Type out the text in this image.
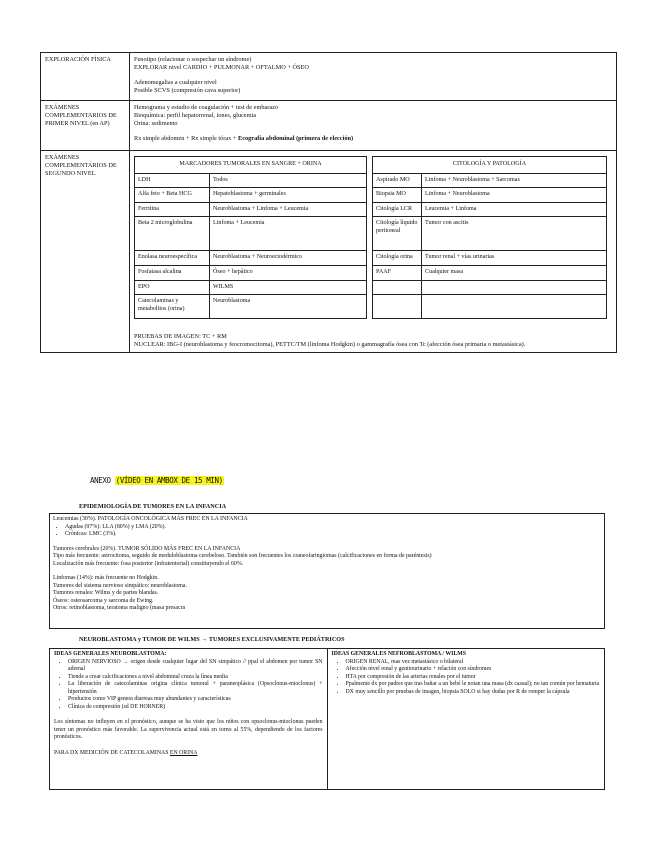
EXPLORACIÓN FÍSICA	Fenotipo (relacionar o sospechar un síndrome)
EXPLORAR nivel CARDIO + PULMONAR + OFTALMO + ÓSEO
Adenomegalias a cualquier nivel
Posible SCVS (compresión cava superior)

EXÁMENES COMPLEMENTARIOS DE PRIMER NIVEL (en AP)	
Hemograma y estudio de coagulación + test de embarazo
Bioquímica: perfil hepatorrenal, iones, glucemia
Orina: sedimento
Rx simple abdomen + Rx simple tórax + Ecografía abdominal (primera de elección)

EXÁMENES COMPLEMENTARIOS DE SEGUNDO NIVEL	
MARCADORES TUMORALES EN SANGRE + ORINA		CITOLOGÍA Y PATOLOGÍA
LDH	Todos		Aspirado MO	Linfoma + Neuroblastoma + Sarcomas
Alfa feto + Beta HCG	Hepatoblastoma + germinales		Biopsia MO	Linfoma + Neuroblastoma
Ferritina	Neuroblastoma + Linfoma + Leucemia		Citología LCR	Leucemia + Linfoma
Beta 2 microglobulina	Linfoma + Leucemia		Citología líquido peritoneal	Tumor con ascitis
Enolasa neuroespecífica	Neuroblastoma + Neuroectodérmico		Citología orina	Tumor renal + vías urinarias
Fosfatasa alcalina	Óseo + hepático		PAAF	Cualquier masa
EPO	WILMS			
Catecolaminas y metabolitos (orina)	Neuroblastoma			
PRUEBAS DE IMAGEN: TC + RM
NUCLEAR: IBG-I (neuroblastoma y feocromocitoma), PETTC/TM (linfoma Hodgkin) o gammagrafía ósea con Tc (afección ósea primaria o metastásica).
ANEXO (VÍDEO EN AMBOX DE 15 MIN)
EPIDEMIOLOGÍA DE TUMORES EN LA INFANCIA

Leucemias (30%). PATOLOGÍA ONCOLÓGICA MÁS FREC EN LA INFANCIA

• Agudas (97%): LLA (80%) y LMA (20%).
• Crónicas: LMC (3%).

Tumores cerebrales (20%). TUMOR SÓLIDO MÁS FREC EN LA INFANCIA

Tipo más frecuente: astrocitoma, seguido de meduloblastoma cerebeloso. También son frecuentes los craneofaringiomas (calcificaciones en forma de paréntesis)

Localización más frecuente: fosa posterior (infratentorial) constituyendo el 60%.

Linfomas (14%): más frecuente no Hodgkin.

Tumores del sistema nervioso simpático: neuroblastoma.

Tumores renales: Wilms y de partes blandas.

Óseos: osteosarcoma y sarcoma de Ewing.

Otros: retinoblastoma, teratoma maligno (masa presacra

NEUROBLASTOMA y TUMOR DE WILMS → TUMORES EXCLUSIVAMENTE PEDIÁTRICOS
IDEAS GENERALES NEUROBLASTOMA:
• ORIGEN NERVIOSO → origen desde cualquier lugar del SN simpático // ppal el abdomen por tumor SN adrenal
• Tiende a crear calcificaciones a nivel abdominal cruza la línea media
• La liberación de catecolaminas origina clínica tumoral + paraneoplásica (Opsoclonus-mioclonus) + hipertensión
• Productos como VIP genera diarreas muy abundantes y características
• Clínica de compresión (sd DE HORNER)

Los síntomas no influyen en el pronóstico, aunque se ha visto que los niños con opsoclonus-mioclonus pueden tener un pronóstico más favorable. La supervivencia actual está en torno al 55%, dependiendo de los factores pronósticos.

PARA DX MEDICIÓN DE CATECOLAMINAS EN ORINA

	IDEAS GENERALES NEFROBLASTOMA / WILMS
• ORIGEN RENAL, mas vez metastásico o bilateral
• Afección nivel renal y genitourinario + relación con síndromes
• HTA por compresión de las arterias renales por el tumor
• Ppalmente dx por padres que tras bañar a un bebé le notan una masa (dx casual); no tan común por hematuria
• DX muy sencillo por pruebas de imagen, biopsia SOLO si hay dudas por R de romper la cápsula
